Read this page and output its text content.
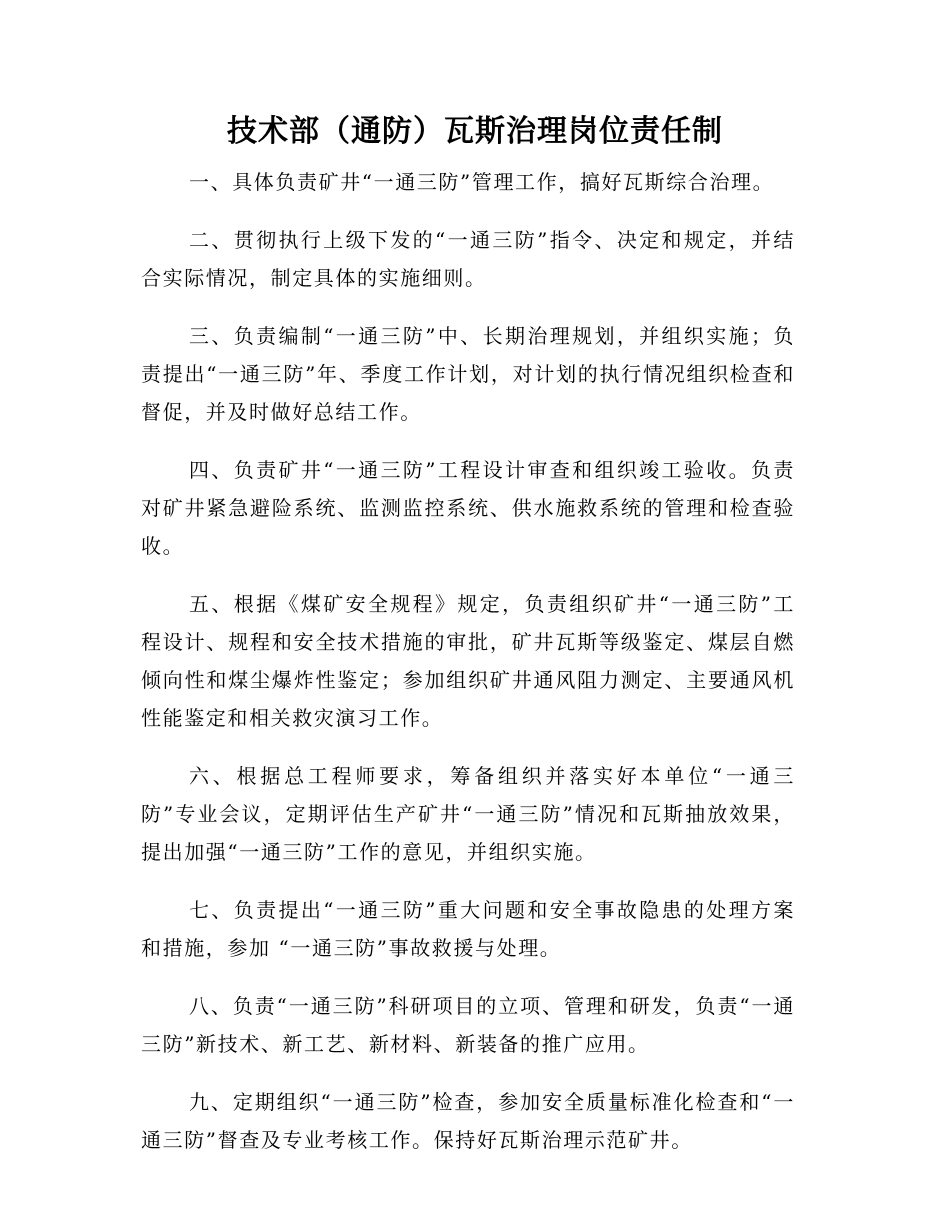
技术部（通防）瓦斯治理岗位责任制

一、具体负责矿井“一通三防”管理工作，搞好瓦斯综合治理。

二、贯彻执行上级下发的“一通三防”指令、决定和规定，并结合实际情况，制定具体的实施细则。

三、负责编制“一通三防”中、长期治理规划，并组织实施；负责提出“一通三防”年、季度工作计划，对计划的执行情况组织检查和督促，并及时做好总结工作。

四、负责矿井“一通三防”工程设计审查和组织竣工验收。负责对矿井紧急避险系统、监测监控系统、供水施救系统的管理和检查验收。

五、根据《煤矿安全规程》规定，负责组织矿井“一通三防”工程设计、规程和安全技术措施的审批，矿井瓦斯等级鉴定、煤层自燃倾向性和煤尘爆炸性鉴定；参加组织矿井通风阻力测定、主要通风机性能鉴定和相关救灾演习工作。

六、根据总工程师要求，筹备组织并落实好本单位“一通三防”专业会议，定期评估生产矿井“一通三防”情况和瓦斯抽放效果，提出加强“一通三防”工作的意见，并组织实施。

七、负责提出“一通三防”重大问题和安全事故隐患的处理方案和措施，参加 “一通三防”事故救援与处理。

八、负责“一通三防”科研项目的立项、管理和研发，负责“一通三防”新技术、新工艺、新材料、新装备的推广应用。

九、定期组织“一通三防”检查，参加安全质量标准化检查和“一通三防”督查及专业考核工作。保持好瓦斯治理示范矿井。
